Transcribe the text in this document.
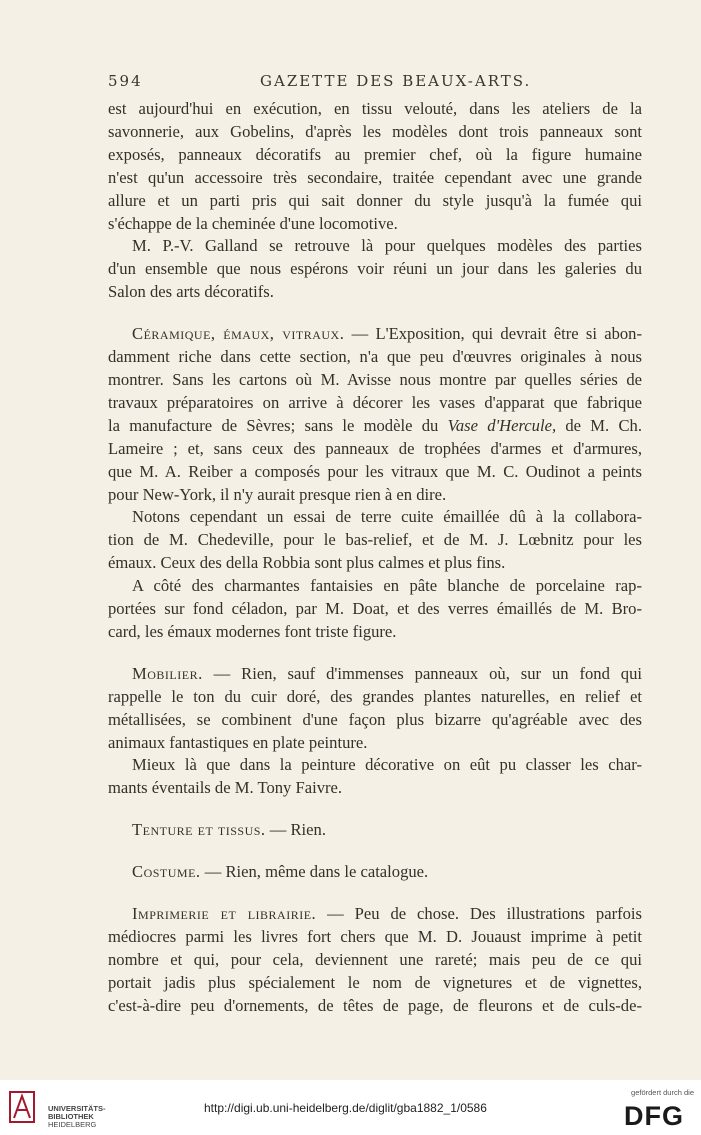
594	GAZETTE DES BEAUX-ARTS.

est aujourd'hui en exécution, en tissu velouté, dans les ateliers de la

savonnerie, aux Gobelins, d'après les modèles dont trois panneaux sont

exposés, panneaux décoratifs au premier chef, où la figure humaine

n'est qu'un accessoire très secondaire, traitée cependant avec une grande

allure et un parti pris qui sait donner du style jusqu'à la fumée qui

s'échappe de la cheminée d'une locomotive.

M. P.-V. Galland se retrouve là pour quelques modèles des parties

d'un ensemble que nous espérons voir réuni un jour dans les galeries du

Salon des arts décoratifs.

Céramique, émaux, vitraux. — L'Exposition, qui devrait être si abon-

damment riche dans cette section, n'a que peu d'œuvres originales à nous

montrer. Sans les cartons où M. Avisse nous montre par quelles séries de

travaux préparatoires on arrive à décorer les vases d'apparat que fabrique

la manufacture de Sèvres; sans le modèle du Vase d'Hercule, de M. Ch.

Lameire ; et, sans ceux des panneaux de trophées d'armes et d'armures,

que M. A. Reiber a composés pour les vitraux que M. C. Oudinot a peints

pour New-York, il n'y aurait presque rien à en dire.

Notons cependant un essai de terre cuite émaillée dû à la collabora-

tion de M. Chedeville, pour le bas-relief, et de M. J. Lœbnitz pour les

émaux. Ceux des della Robbia sont plus calmes et plus fins.

A côté des charmantes fantaisies en pâte blanche de porcelaine rap-

portées sur fond céladon, par M. Doat, et des verres émaillés de M. Bro-

card, les émaux modernes font triste figure.

Mobilier. — Rien, sauf d'immenses panneaux où, sur un fond qui

rappelle le ton du cuir doré, des grandes plantes naturelles, en relief et

métallisées, se combinent d'une façon plus bizarre qu'agréable avec des

animaux fantastiques en plate peinture.

Mieux là que dans la peinture décorative on eût pu classer les char-

mants éventails de M. Tony Faivre.

Tenture et tissus. — Rien.

Costume. — Rien, même dans le catalogue.

Imprimerie et librairie. — Peu de chose. Des illustrations parfois

médiocres parmi les livres fort chers que M. D. Jouaust imprime à petit

nombre et qui, pour cela, deviennent une rareté; mais peu de ce qui

portait jadis plus spécialement le nom de vignetures et de vignettes,

c'est-à-dire peu d'ornements, de têtes de page, de fleurons et de culs-de-

UNIVERSITÄTS-
BIBLIOTHEK
HEIDELBERG
http://digi.ub.uni-heidelberg.de/diglit/gba1882_1/0586
gefördert durch die
DFG
